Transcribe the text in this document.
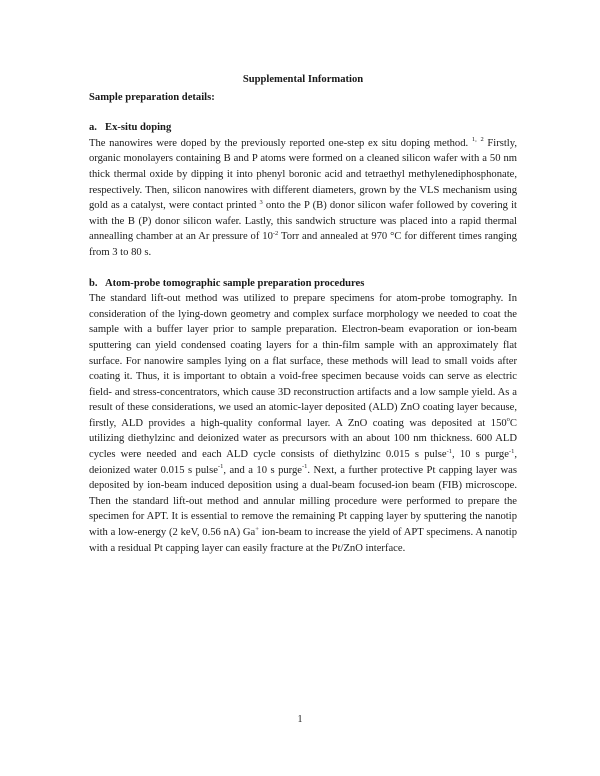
Supplemental Information

Sample preparation details:

a. Ex-situ doping

The nanowires were doped by the previously reported one-step ex situ doping method. $^{1,}$ $^2$ Firstly, organic monolayers containing B and P atoms were formed on a cleaned silicon wafer with a 50 nm thick thermal oxide by dipping it into phenyl boronic acid and tetraethyl methylenediphosphonate, respectively. Then, silicon nanowires with different diameters, grown by the VLS mechanism using gold as a catalyst, were contact printed $^3$ onto the P (B) donor silicon wafer followed by covering it with the B (P) donor silicon wafer. Lastly, this sandwich structure was placed into a rapid thermal annealling chamber at an Ar pressure of $10^{-2}$ Torr and annealed at 970 °C for different times ranging from 3 to 80 s.

b. Atom-probe tomographic sample preparation procedures

The standard lift-out method was utilized to prepare specimens for atom-probe tomography. In consideration of the lying-down geometry and complex surface morphology we needed to coat the sample with a buffer layer prior to sample preparation. Electron-beam evaporation or ion-beam sputtering can yield condensed coating layers for a thin-film sample with an approximately flat surface. For nanowire samples lying on a flat surface, these methods will lead to small voids after coating it. Thus, it is important to obtain a void-free specimen because voids can serve as electric field- and stress-concentrators, which cause 3D reconstruction artifacts and a low sample yield. As a result of these considerations, we used an atomic-layer deposited (ALD) ZnO coating layer because, firstly, ALD provides a high-quality conformal layer. A ZnO coating was deposited at 150$^o$C utilizing diethylzinc and deionized water as precursors with an about 100 nm thickness. 600 ALD cycles were needed and each ALD cycle consists of diethylzinc 0.015 s pulse$^{-1}$, 10 s purge$^{-1}$, deionized water 0.015 s pulse$^{-1}$, and a 10 s purge$^{-1}$. Next, a further protective Pt capping layer was deposited by ion-beam induced deposition using a dual-beam focused-ion beam (FIB) microscope. Then the standard lift-out method and annular milling procedure were performed to prepare the specimen for APT. It is essential to remove the remaining Pt capping layer by sputtering the nanotip with a low-energy (2 keV, 0.56 nA) Ga+ ion-beam to increase the yield of APT specimens. A nanotip with a residual Pt capping layer can easily fracture at the Pt/ZnO interface.

1
